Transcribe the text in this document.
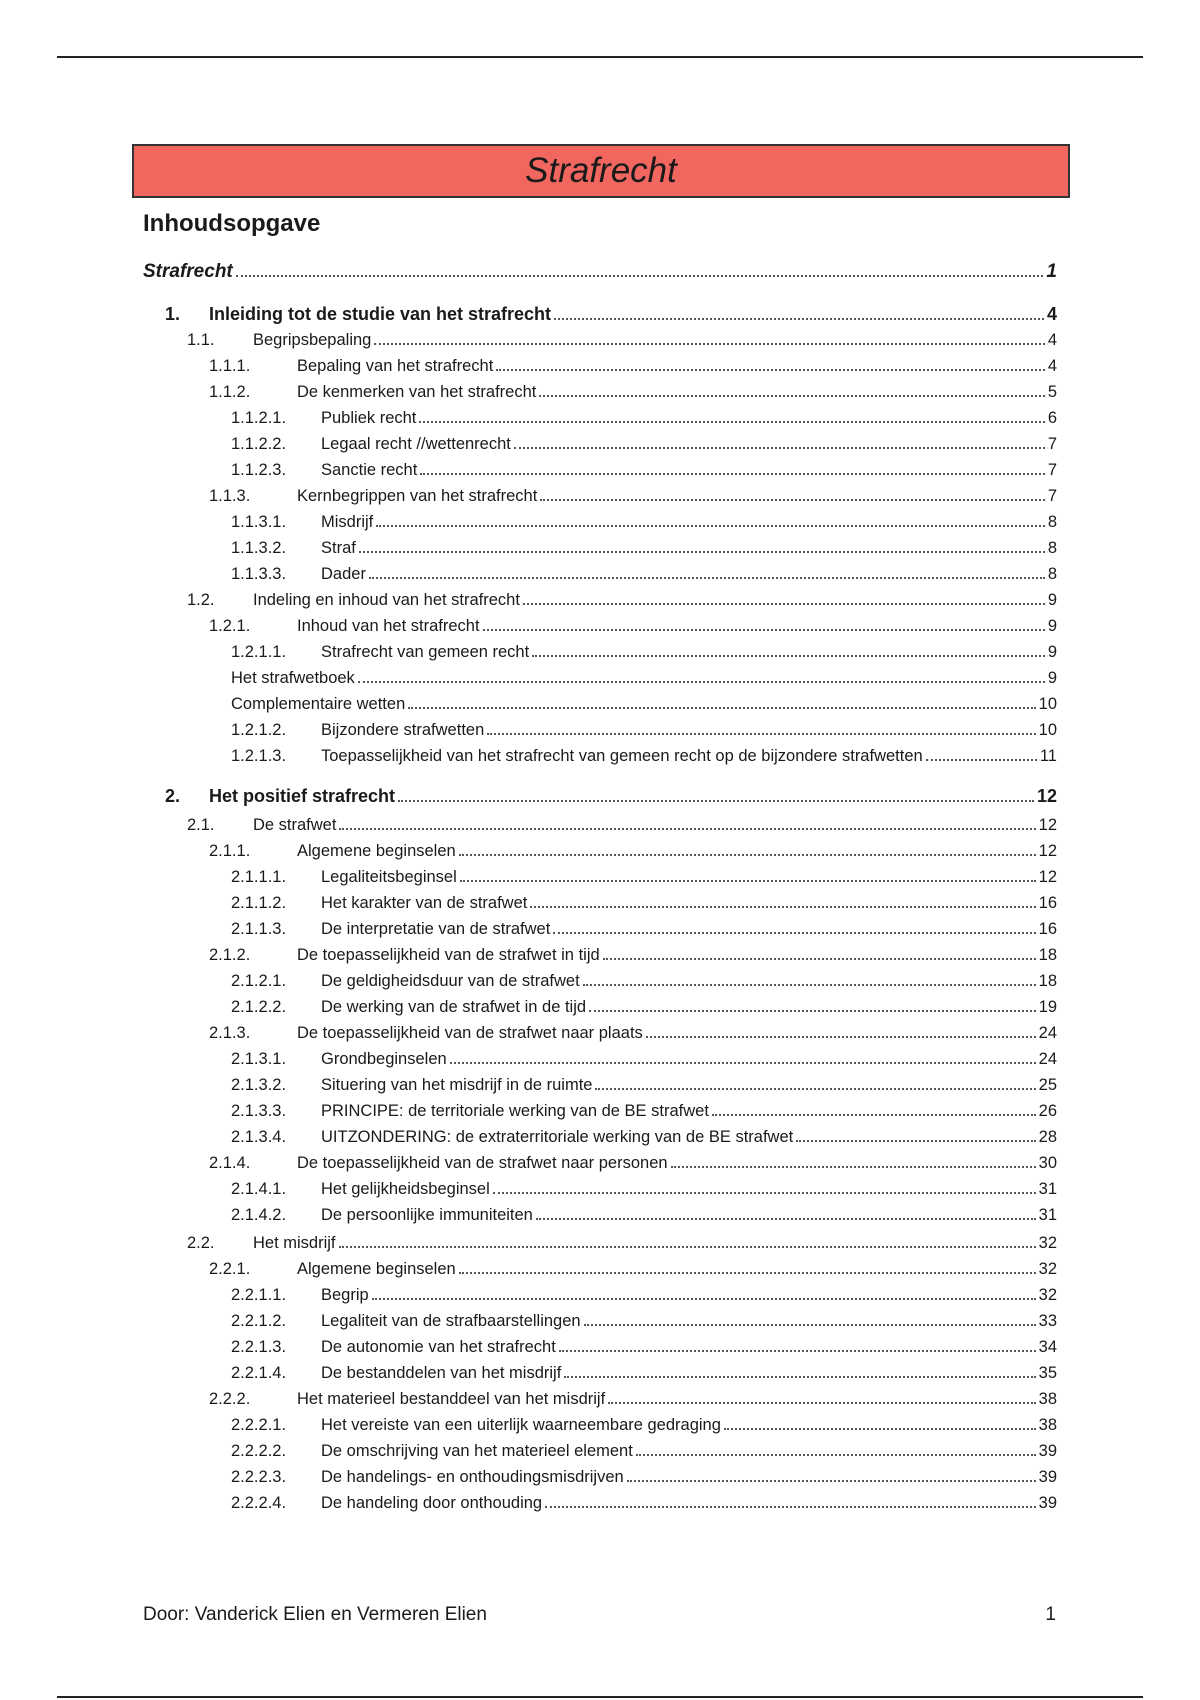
Strafrecht
Inhoudsopgave
Strafrecht	1
1. Inleiding tot de studie van het strafrecht	4
1.1. Begripsbepaling	4
1.1.1.	Bepaling van het strafrecht	4
1.1.2.	De kenmerken van het strafrecht	5
1.1.2.1. Publiek recht	6
1.1.2.2. Legaal recht //wettenrecht	7
1.1.2.3. Sanctie recht	7
1.1.3.	Kernbegrippen van het strafrecht	7
1.1.3.1. Misdrijf	8
1.1.3.2. Straf	8
1.1.3.3. Dader	8
1.2. Indeling en inhoud van het strafrecht	9
1.2.1.	Inhoud van het strafrecht	9
1.2.1.1. Strafrecht van gemeen recht	9
Het strafwetboek	9
Complementaire wetten	10
1.2.1.2. Bijzondere strafwetten	10
1.2.1.3. Toepasselijkheid van het strafrecht van gemeen recht op de bijzondere strafwetten	11
2. Het positief strafrecht	12
2.1. De strafwet	12
2.1.1.	Algemene beginselen	12
2.1.1.1. Legaliteitsbeginsel	12
2.1.1.2. Het karakter van de strafwet	16
2.1.1.3. De interpretatie van de strafwet	16
2.1.2.	De toepasselijkheid van de strafwet in tijd	18
2.1.2.1. De geldigheidsduur van de strafwet	18
2.1.2.2. De werking van de strafwet in de tijd	19
2.1.3.	De toepasselijkheid van de strafwet naar plaats	24
2.1.3.1. Grondbeginselen	24
2.1.3.2. Situering van het misdrijf in de ruimte	25
2.1.3.3. PRINCIPE: de territoriale werking van de BE strafwet	26
2.1.3.4. UITZONDERING: de extraterritoriale werking van de BE strafwet	28
2.1.4.	De toepasselijkheid van de strafwet naar personen	30
2.1.4.1. Het gelijkheidsbeginsel	31
2.1.4.2. De persoonlijke immuniteiten	31
2.2. Het misdrijf	32
2.2.1.	Algemene beginselen	32
2.2.1.1. Begrip	32
2.2.1.2. Legaliteit van de strafbaarstellingen	33
2.2.1.3. De autonomie van het strafrecht	34
2.2.1.4. De bestanddelen van het misdrijf	35
2.2.2.	Het materieel bestanddeel van het misdrijf	38
2.2.2.1. Het vereiste van een uiterlijk waarneembare gedraging	38
2.2.2.2. De omschrijving van het materieel element	39
2.2.2.3. De handelings- en onthoudingsmisdrijven	39
2.2.2.4. De handeling door onthouding	39
Door: Vanderick Elien en Vermeren Elien	1
